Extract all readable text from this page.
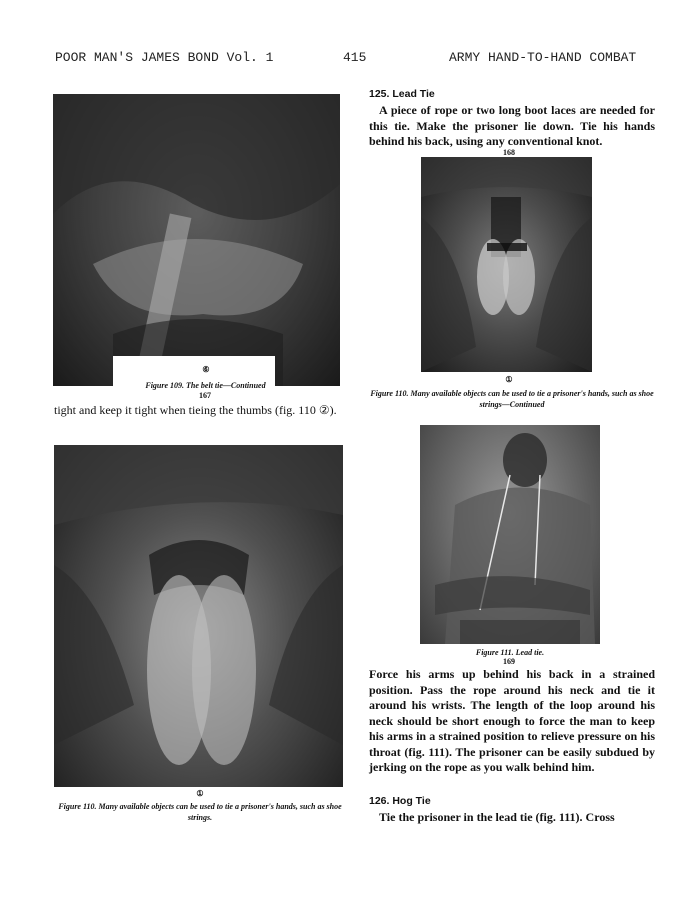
POOR MAN'S JAMES BOND Vol. 1	415	ARMY HAND-TO-HAND COMBAT
⑥
Figure 109. The belt tie—Continued
167
tight and keep it tight when tieing the thumbs (fig. 110 ②).
①
Figure 110. Many available objects can be used to tie a prisoner's hands, such as shoe strings.
125. Lead Tie
A piece of rope or two long boot laces are needed for this tie. Make the prisoner lie down. Tie his hands behind his back, using any conventional knot.
168
①
Figure 110. Many available objects can be used to tie a prisoner's hands, such as shoe strings—Continued
Figure 111. Lead tie.
169
Force his arms up behind his back in a strained position. Pass the rope around his neck and tie it around his wrists. The length of the loop around his neck should be short enough to force the man to keep his arms in a strained position to relieve pressure on his throat (fig. 111). The prisoner can be easily subdued by jerking on the rope as you walk behind him.
126. Hog Tie
Tie the prisoner in the lead tie (fig. 111). Cross
